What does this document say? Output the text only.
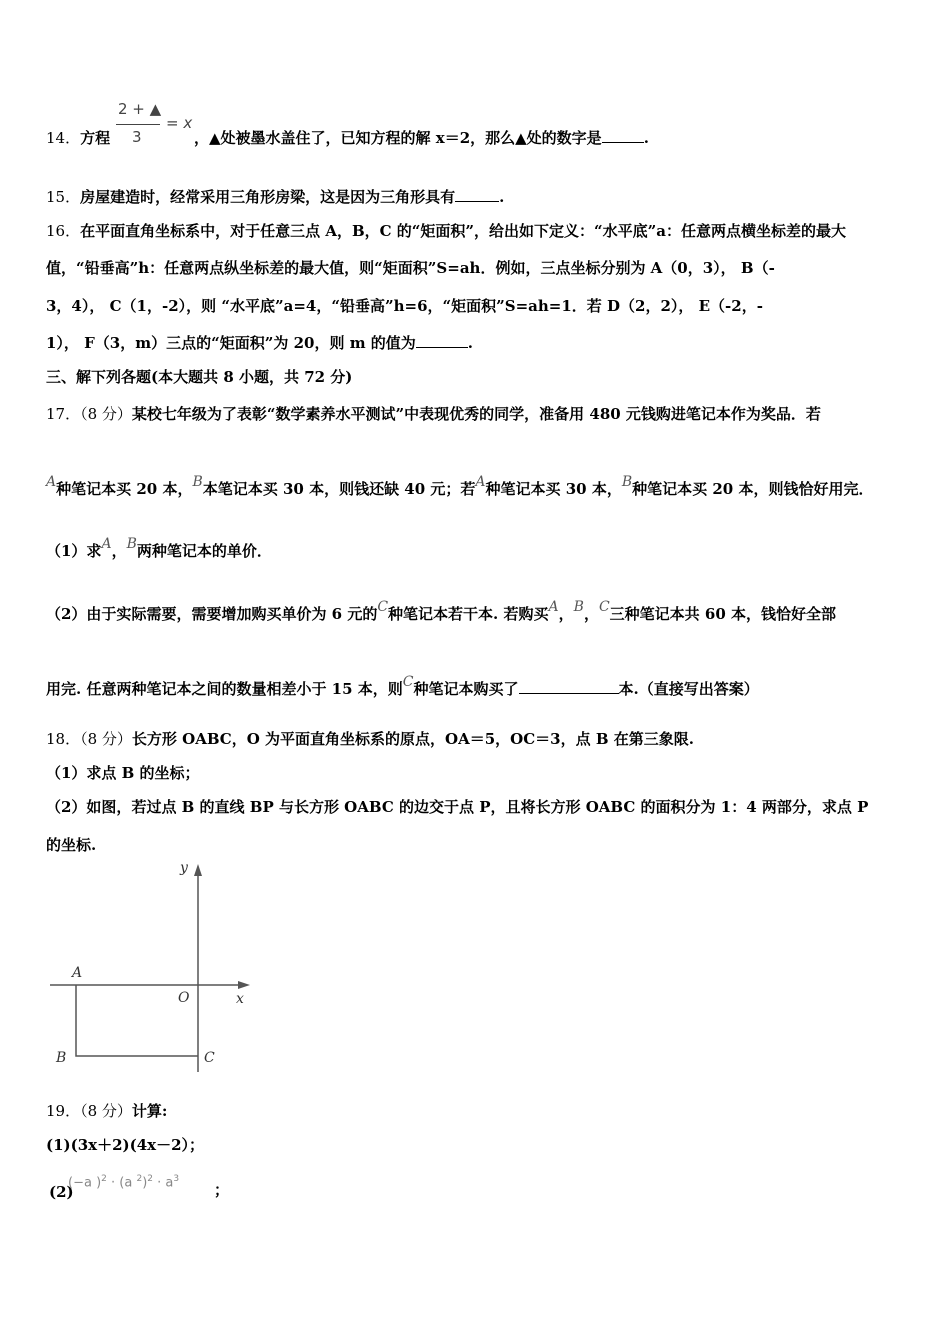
14．方程
2 + ▲
3
= x
，▲处被墨水盖住了，已知方程的解 x＝2，那么▲处的数字是	.
15．房屋建造时，经常采用三角形房梁，这是因为三角形具有	.
16．在平面直角坐标系中，对于任意三点 A，B，C 的“矩面积”，给出如下定义：“水平底”a：任意两点横坐标差的最大
值，“铅垂高”h：任意两点纵坐标差的最大值，则“矩面积”S=ah．例如，三点坐标分别为 A（0，3）， B（-
3，4）， C（1，-2），则 “水平底”a=4，“铅垂高”h=6，“矩面积”S=ah=1．若 D（2，2）， E（-2，-
1）， F（3，m）三点的“矩面积”为 20，则 m 的值为	.
三、解下列各题(本大题共 8 小题，共 72 分)
17．（8 分）某校七年级为了表彰“数学素养水平测试”中表现优秀的同学，准备用 480 元钱购进笔记本作为奖品．若
A种笔记本买 20 本，B本笔记本买 30 本，则钱还缺 40 元；若A种笔记本买 30 本，B种笔记本买 20 本，则钱恰好用完．
（1）求A，B两种笔记本的单价．
（2）由于实际需要，需要增加购买单价为 6 元的C种笔记本若干本. 若购买A，B，C三种笔记本共 60 本，钱恰好全部
用完. 任意两种笔记本之间的数量相差小于 15 本，则C种笔记本购买了	本.（直接写出答案）
18．（8 分）长方形 OABC，O 为平面直角坐标系的原点，OA＝5，OC＝3，点 B 在第三象限.
（1）求点 B 的坐标；
（2）如图，若过点 B 的直线 BP 与长方形 OABC 的边交于点 P，且将长方形 OABC 的面积分为 1：4 两部分，求点 P
的坐标.
y
x
O
A
B	C
19．（8 分）计算:
(1)(3x＋2)(4x－2）；
(2)
(−a )$^2$ · (a $^2)^2 \cdot a^3$
；
